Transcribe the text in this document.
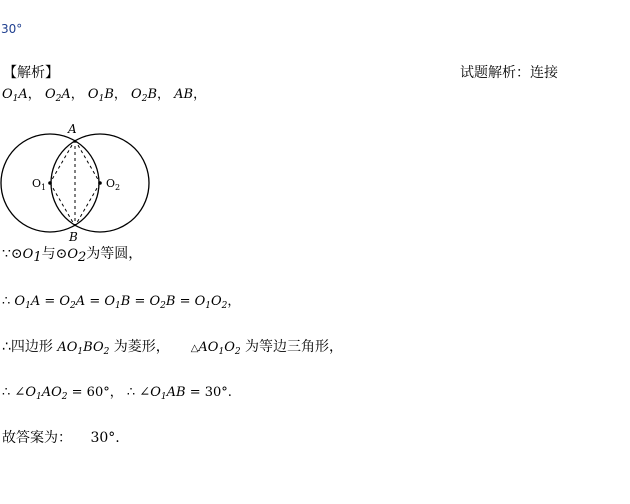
30°
【解析】	试题解析：连接
$O_1A$， $O_2A$， $O_1B$， $O_2B$， AB，
A
B
$O_1$	$O_2$
$\because⊙O_1$与$⊙O_2$为等圆，
∴ $O_1A = O_2A = O_1B = O_2B = O_1O_2$，
∴四边形 $AO_1BO_2$ 为菱形， $\triangle AO_1O_2$ 为等边三角形，
∴ $\angle O_1AO_2 = 60^\circ$， ∴ $\angle O_1AB = 30^\circ$.
故答案为： 30°.
